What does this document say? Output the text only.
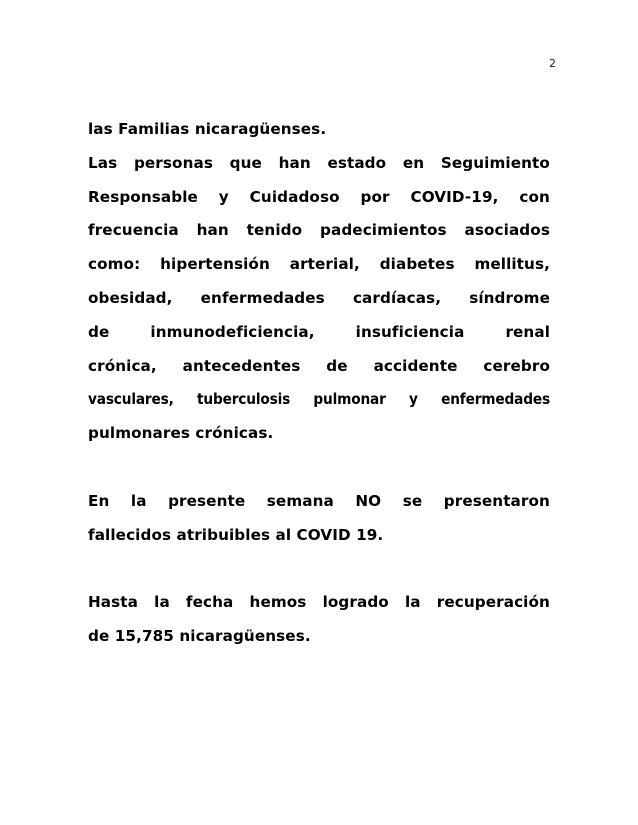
2

las Familias nicaragüenses.

Las personas que han estado en Seguimiento
Responsable y Cuidadoso por COVID-19, con
frecuencia han tenido padecimientos asociados
como: hipertensión arterial, diabetes mellitus,
obesidad, enfermedades cardíacas, síndrome
de	inmunodeficiencia,	insuficiencia	renal
crónica, antecedentes de accidente cerebro
vasculares, tuberculosis pulmonar y enfermedades
pulmonares crónicas.

En la presente semana NO se presentaron
fallecidos atribuibles al COVID 19.

Hasta la fecha hemos logrado la recuperación
de 15,785 nicaragüenses.
